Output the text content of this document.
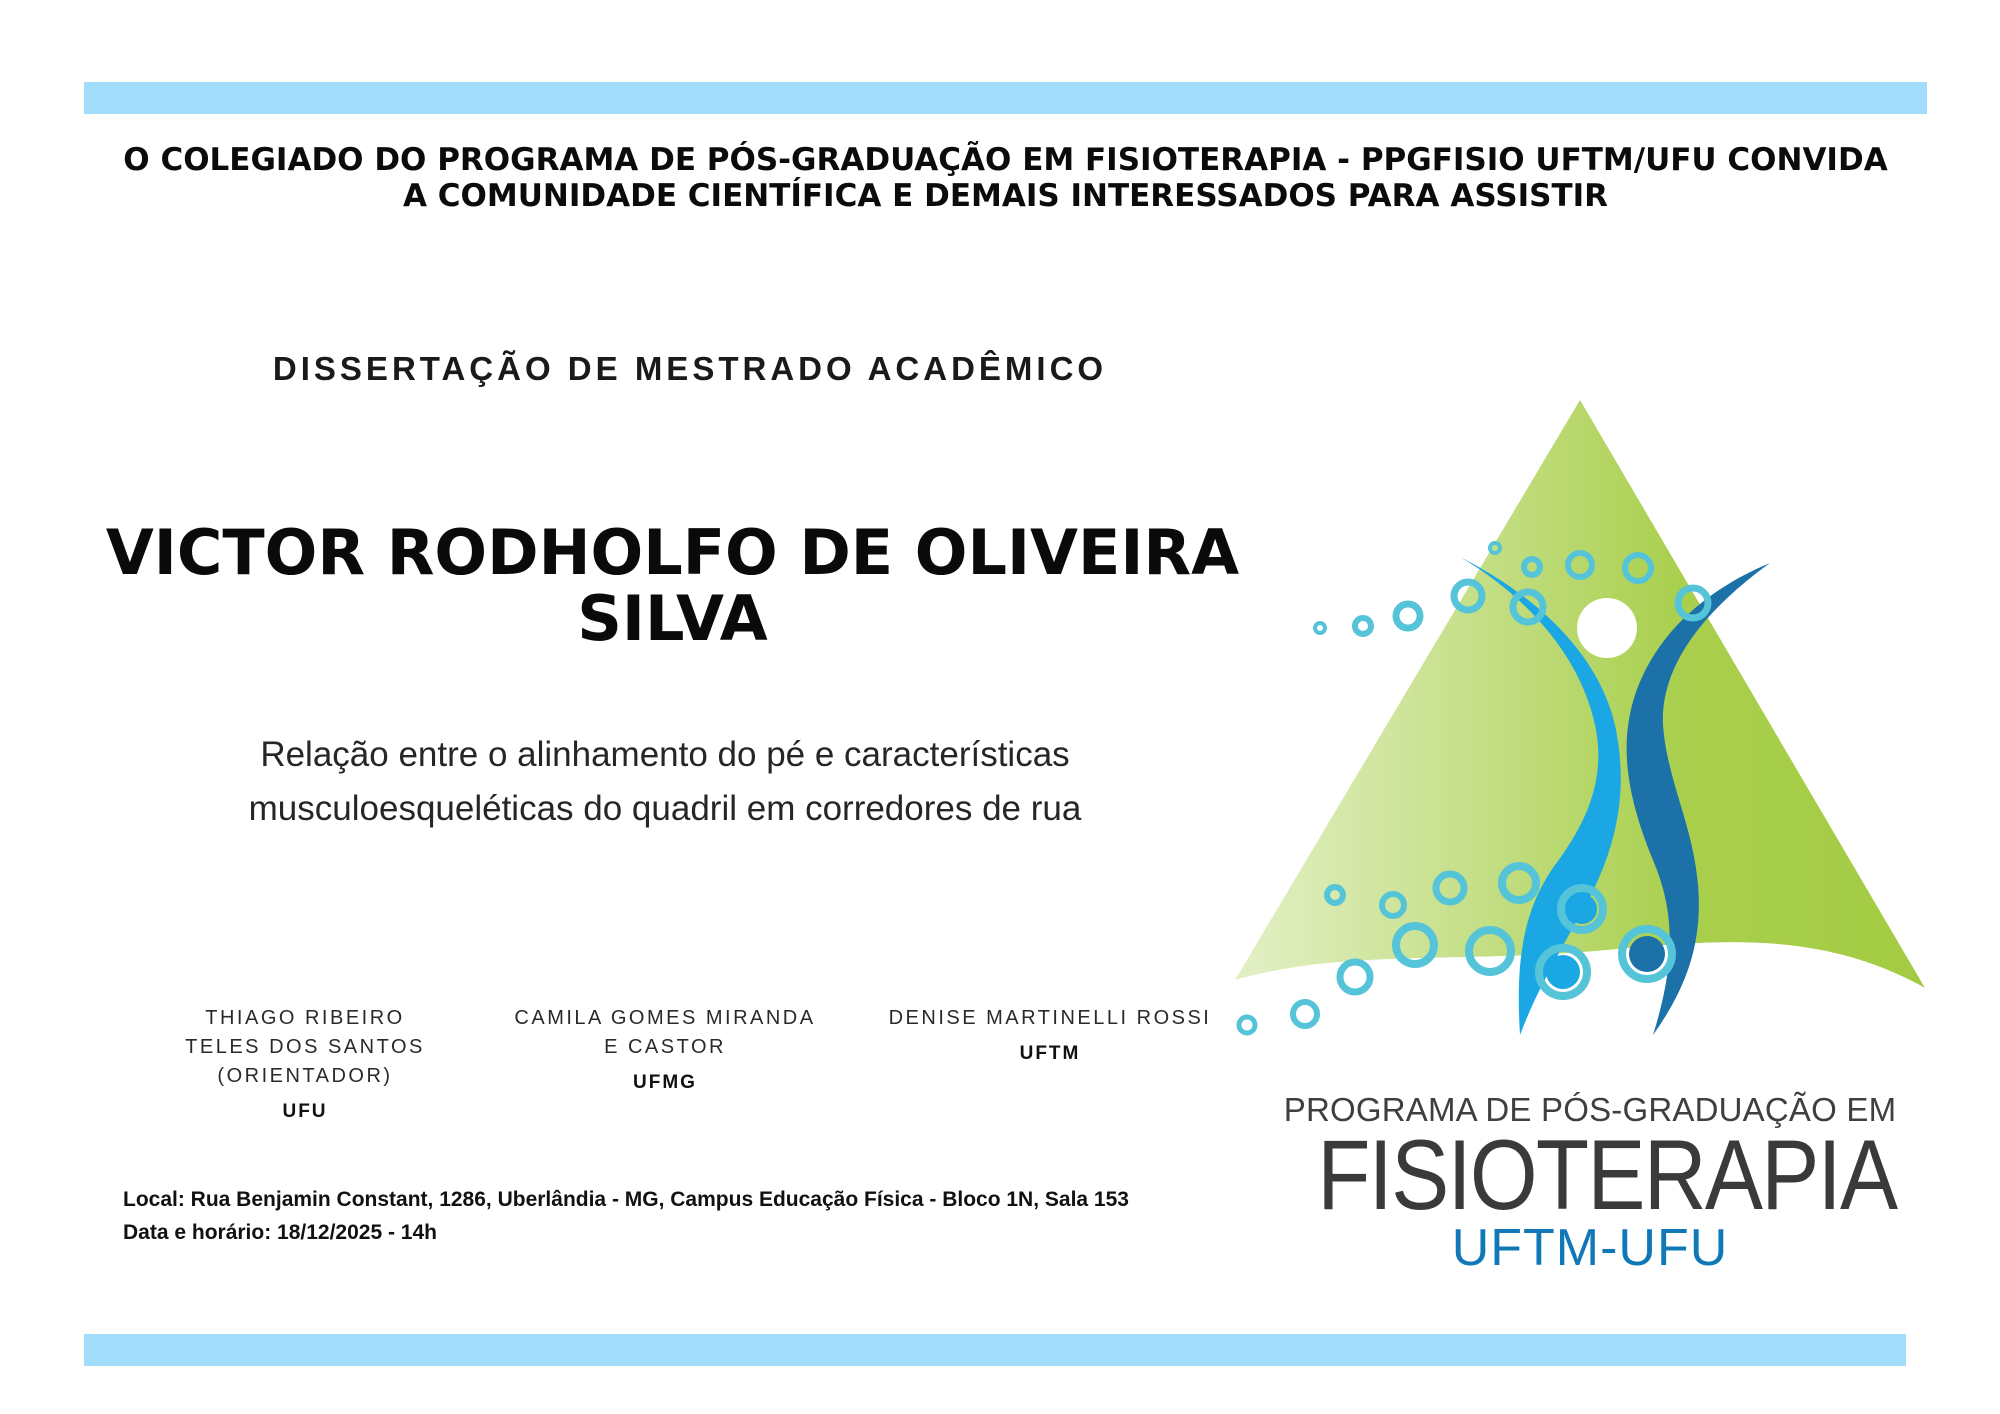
O COLEGIADO DO PROGRAMA DE PÓS-GRADUAÇÃO EM FISIOTERAPIA - PPGFISIO UFTM/UFU CONVIDA
A COMUNIDADE CIENTÍFICA E DEMAIS INTERESSADOS PARA ASSISTIR
DISSERTAÇÃO DE MESTRADO ACADÊMICO
VICTOR RODHOLFO DE OLIVEIRA
SILVA
Relação entre o alinhamento do pé e características
musculoesqueléticas do quadril em corredores de rua
THIAGO RIBEIRO
TELES DOS SANTOS
(ORIENTADOR)
UFU
CAMILA GOMES MIRANDA
E CASTOR
UFMG
DENISE MARTINELLI ROSSI
UFTM
Local: Rua Benjamin Constant, 1286, Uberlândia - MG, Campus Educação Física - Bloco 1N, Sala 153
Data e horário: 18/12/2025 - 14h
PROGRAMA DE PÓS-GRADUAÇÃO EM
FISIOTERAPIA
UFTM-UFU
